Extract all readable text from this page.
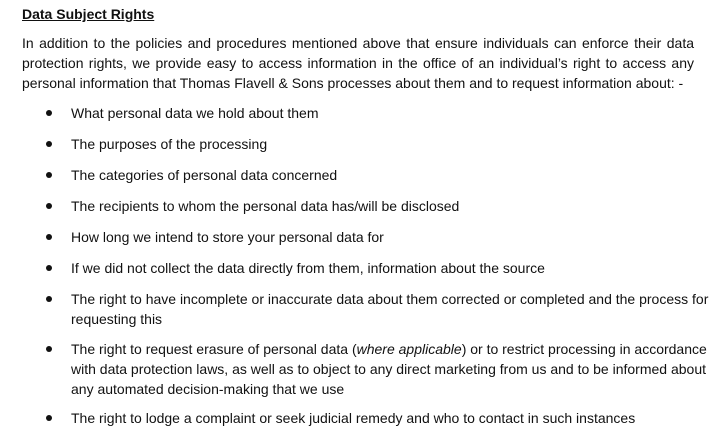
Data Subject Rights
In addition to the policies and procedures mentioned above that ensure individuals can enforce their data
protection rights, we provide easy to access information in the office of an individual’s right to access any
personal information that Thomas Flavell & Sons processes about them and to request information about: -
What personal data we hold about them
The purposes of the processing
The categories of personal data concerned
The recipients to whom the personal data has/will be disclosed
How long we intend to store your personal data for
If we did not collect the data directly from them, information about the source
The right to have incomplete or inaccurate data about them corrected or completed and the process for
requesting this
The right to request erasure of personal data (where applicable) or to restrict processing in accordance
with data protection laws, as well as to object to any direct marketing from us and to be informed about
any automated decision-making that we use
The right to lodge a complaint or seek judicial remedy and who to contact in such instances
